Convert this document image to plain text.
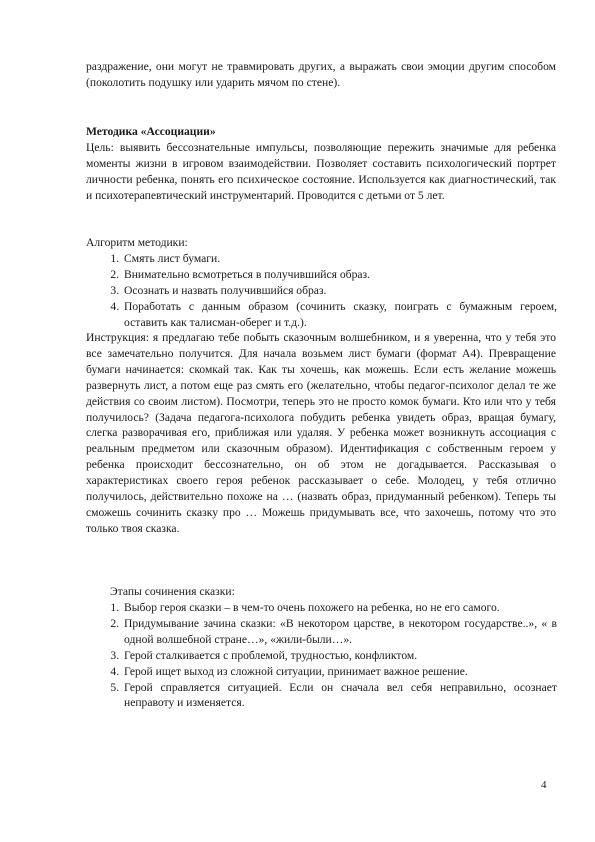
раздражение, они могут не травмировать других, а выражать свои эмоции другим способом (поколотить подушку или ударить мячом по стене).

Методика «Ассоциации»

Цель: выявить бессознательные импульсы, позволяющие пережить значимые для ребенка моменты жизни в игровом взаимодействии. Позволяет составить психологический портрет личности ребенка, понять его психическое состояние. Используется как диагностический, так и психотерапевтический инструментарий. Проводится с детьми от 5 лет.

Алгоритм методики:

1. Смять лист бумаги.
2. Внимательно всмотреться в получившийся образ.
3. Осознать и назвать получившийся образ.
4. Поработать с данным образом (сочинить сказку, поиграть с бумажным героем, оставить как талисман-оберег и т.д.).

Инструкция: я предлагаю тебе побыть сказочным волшебником, и я уверенна, что у тебя это все замечательно получится. Для начала возьмем лист бумаги (формат А4). Превращение бумаги начинается: скомкай так. Как ты хочешь, как можешь. Если есть желание можешь развернуть лист, а потом еще раз смять его (желательно, чтобы педагог-психолог делал те же действия со своим листом). Посмотри, теперь это не просто комок бумаги. Кто или что у тебя получилось? (Задача педагога-психолога побудить ребенка увидеть образ, вращая бумагу, слегка разворачивая его, приближая или удаляя. У ребенка может возникнуть ассоциация с реальным предметом или сказочным образом). Идентификация с собственным героем у ребенка происходит бессознательно, он об этом не догадывается. Рассказывая о характеристиках своего героя ребенок рассказывает о себе. Молодец, у тебя отлично получилось, действительно похоже на … (назвать образ, придуманный ребенком). Теперь ты сможешь сочинить сказку про … Можешь придумывать все, что захочешь, потому что это только твоя сказка.

Этапы сочинения сказки:

1. Выбор героя сказки – в чем-то очень похожего на ребенка, но не его самого.
2. Придумывание зачина сказки: «В некотором царстве, в некотором государстве..», « в одной волшебной стране…», «жили-были…».
3. Герой сталкивается с проблемой, трудностью, конфликтом.
4. Герой ищет выход из сложной ситуации, принимает важное решение.
5. Герой справляется ситуацией. Если он сначала вел себя неправильно, осознает неправоту и изменяется.
4
